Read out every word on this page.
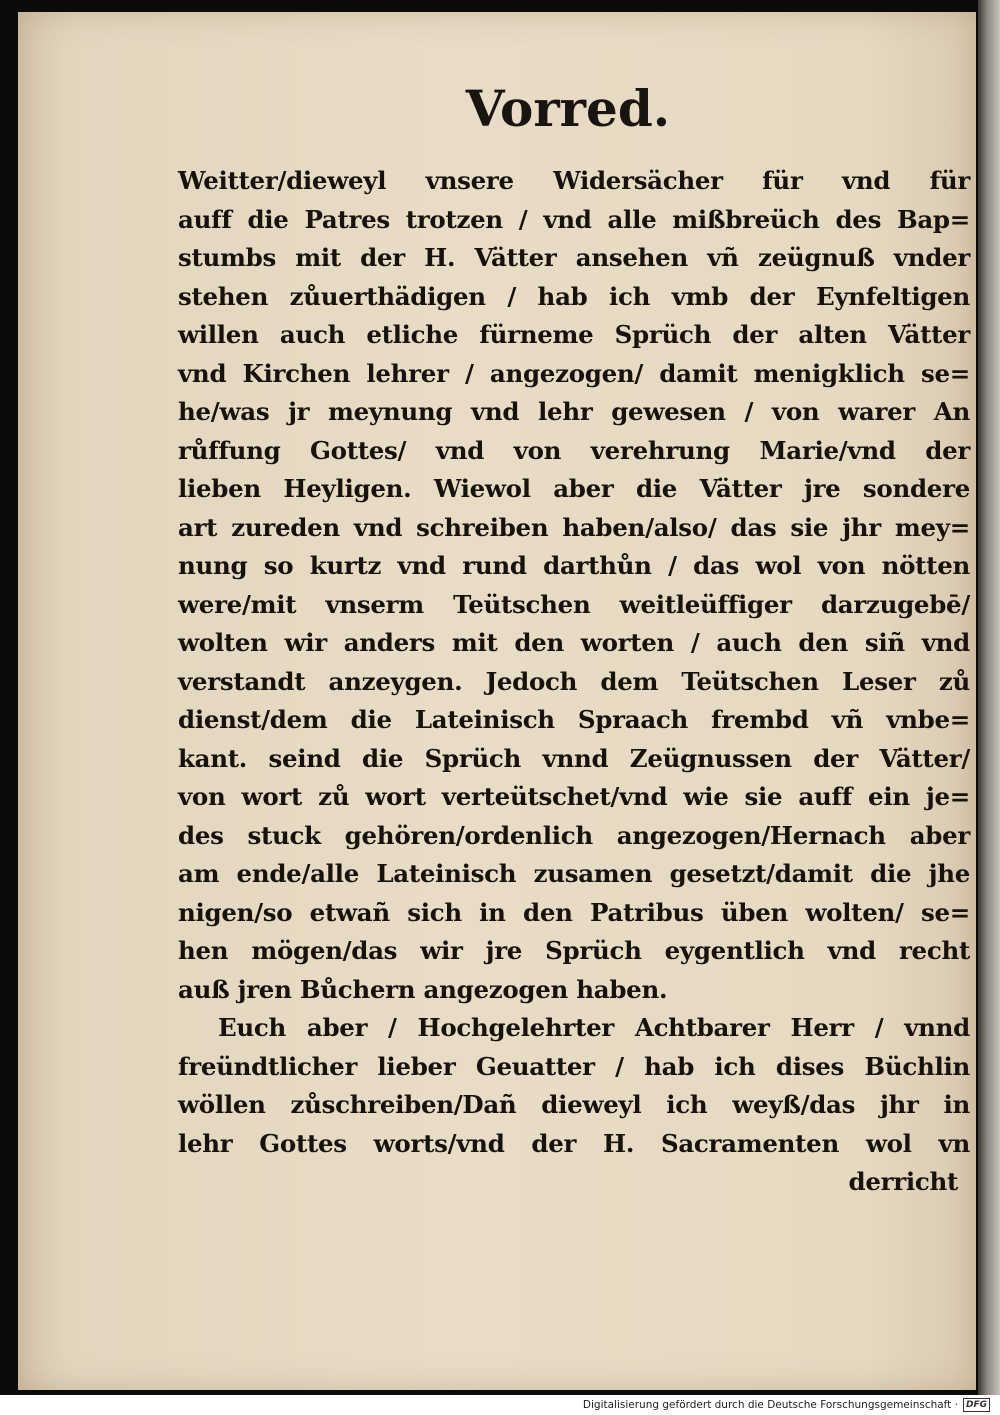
Vorred.
Weitter/dieweyl vnsere Widersächer für vnd für
auff die Patres trotzen / vnd alle mißbreüch des Bap=
stumbs mit der H. Vätter ansehen vñ zeügnuß vnder
stehen zůuerthädigen / hab ich vmb der Eynfeltigen
willen auch etliche fürneme Sprüch der alten Vätter
vnd Kirchen lehrer / angezogen/ damit menigklich se=
he/was jr meynung vnd lehr gewesen / von warer An
růffung Gottes/ vnd von verehrung Marie/vnd der
lieben Heyligen. Wiewol aber die Vätter jre sondere
art zureden vnd schreiben haben/also/ das sie jhr mey=
nung so kurtz vnd rund darthůn / das wol von nötten
were/mit vnserm Teütschen weitleüffiger darzugebē/
wolten wir anders mit den worten / auch den siñ vnd
verstandt anzeygen. Jedoch dem Teütschen Leser zů
dienst/dem die Lateinisch Spraach frembd vñ vnbe=
kant. seind die Sprüch vnnd Zeügnussen der Vätter/
von wort zů wort verteütschet/vnd wie sie auff ein je=
des stuck gehören/ordenlich angezogen/Hernach aber
am ende/alle Lateinisch zusamen gesetzt/damit die jhe
nigen/so etwañ sich in den Patribus üben wolten/ se=
hen mögen/das wir jre Sprüch eygentlich vnd recht
auß jren Bůchern angezogen haben.
Euch aber / Hochgelehrter Achtbarer Herr / vnnd
freündtlicher lieber Geuatter / hab ich dises Büchlin
wöllen zůschreiben/Dañ dieweyl ich weyß/das jhr in
lehr Gottes worts/vnd der H. Sacramenten wol vn
derricht
Digitalisierung gefördert durch die Deutsche Forschungsgemeinschaft · DFG
